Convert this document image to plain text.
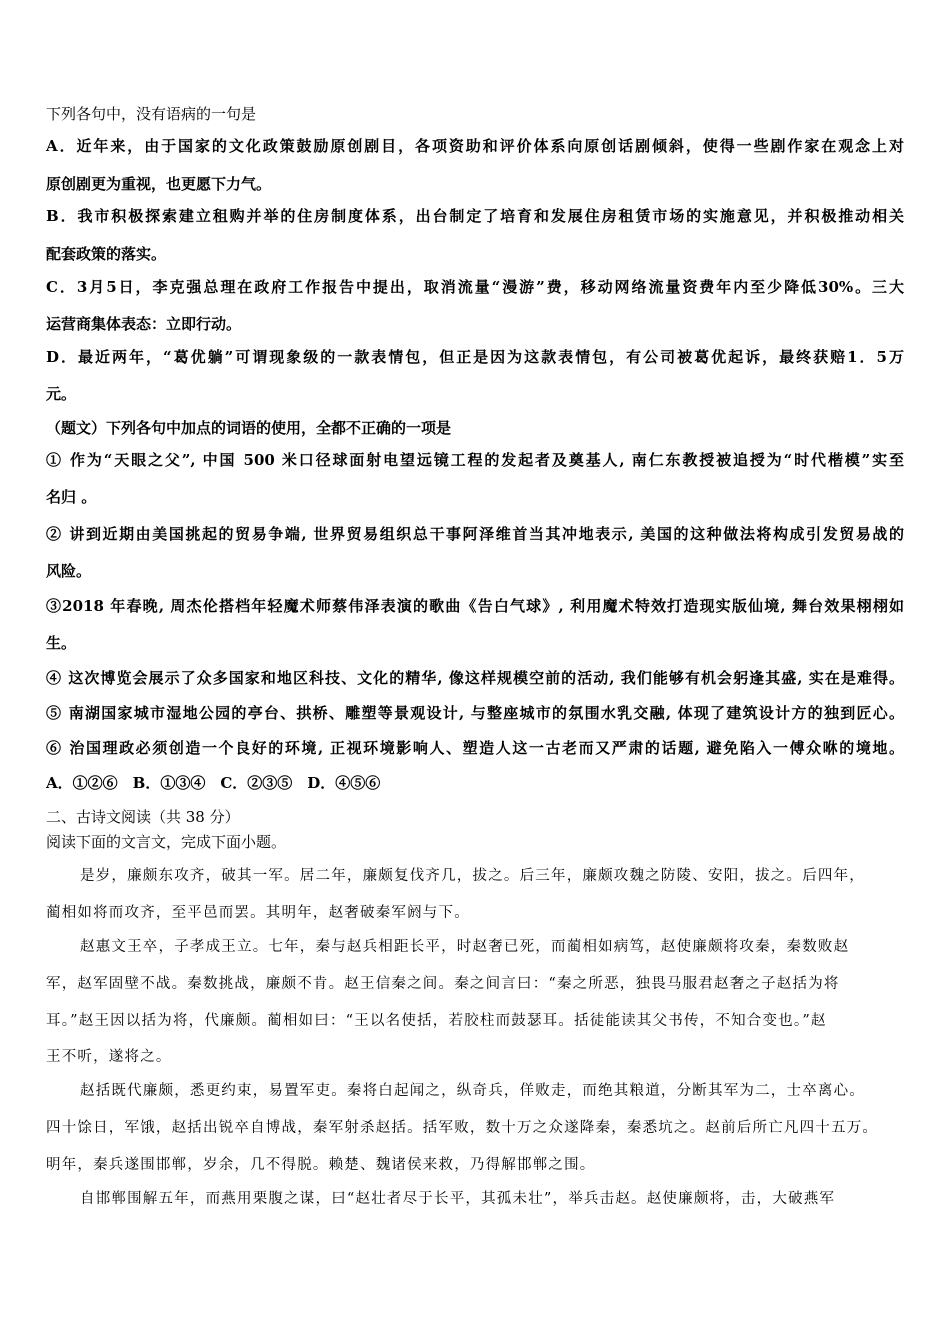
下列各句中，没有语病的一句是
A．近年来，由于国家的文化政策鼓励原创剧目，各项资助和评价体系向原创话剧倾斜，使得一些剧作家在观念上对
原创剧更为重视，也更愿下力气。
B．我市积极探索建立租购并举的住房制度体系，出台制定了培育和发展住房租赁市场的实施意见，并积极推动相关
配套政策的落实。
C．3月5日，李克强总理在政府工作报告中提出，取消流量“漫游”费，移动网络流量资费年内至少降低30%。三大
运营商集体表态：立即行动。
D．最近两年，“葛优躺”可谓现象级的一款表情包，但正是因为这款表情包，有公司被葛优起诉，最终获赔1．5万
元。
（题文）下列各句中加点的词语的使用，全都不正确的一项是
① 作为“天眼之父”, 中国 500 米口径球面射电望远镜工程的发起者及奠基人, 南仁东教授被追授为“时代楷模”实至
名归 。
② 讲到近期由美国挑起的贸易争端, 世界贸易组织总干事阿泽维首当其冲地表示, 美国的这种做法将构成引发贸易战的
风险。
③2018 年春晚, 周杰伦搭档年轻魔术师蔡伟泽表演的歌曲《告白气球》, 利用魔术特效打造现实版仙境, 舞台效果栩栩如
生。
④ 这次博览会展示了众多国家和地区科技、文化的精华, 像这样规模空前的活动, 我们能够有机会躬逢其盛, 实在是难得。
⑤ 南湖国家城市湿地公园的亭台、拱桥、雕塑等景观设计, 与整座城市的氛围水乳交融, 体现了建筑设计方的独到匠心。
⑥ 治国理政必须创造一个良好的环境, 正视环境影响人、塑造人这一古老而又严肃的话题, 避免陷入一傅众咻的境地。
A．①②⑥　B．①③④　C．②③⑤　D．④⑤⑥
二、古诗文阅读（共 38 分）
阅读下面的文言文，完成下面小题。
是岁，廉颇东攻齐，破其一军。居二年，廉颇复伐齐几，拔之。后三年，廉颇攻魏之防陵、安阳，拔之。后四年，
蔺相如将而攻齐，至平邑而罢。其明年，赵奢破秦军阏与下。
赵惠文王卒，子孝成王立。七年，秦与赵兵相距长平，时赵奢已死，而蔺相如病笃，赵使廉颇将攻秦，秦数败赵
军，赵军固壁不战。秦数挑战，廉颇不肯。赵王信秦之间。秦之间言曰：“秦之所恶，独畏马服君赵奢之子赵括为将
耳。”赵王因以括为将，代廉颇。蔺相如曰：“王以名使括，若胶柱而鼓瑟耳。括徒能读其父书传，不知合变也。”赵
王不听，遂将之。
赵括既代廉颇，悉更约束，易置军吏。秦将白起闻之，纵奇兵，佯败走，而绝其粮道，分断其军为二，士卒离心。
四十馀日，军饿，赵括出锐卒自博战，秦军射杀赵括。括军败，数十万之众遂降秦，秦悉坑之。赵前后所亡凡四十五万。
明年，秦兵遂围邯郸，岁余，几不得脱。赖楚、魏诸侯来救，乃得解邯郸之围。
自邯郸围解五年，而燕用栗腹之谋，曰“赵壮者尽于长平，其孤未壮”，举兵击赵。赵使廉颇将，击，大破燕军
